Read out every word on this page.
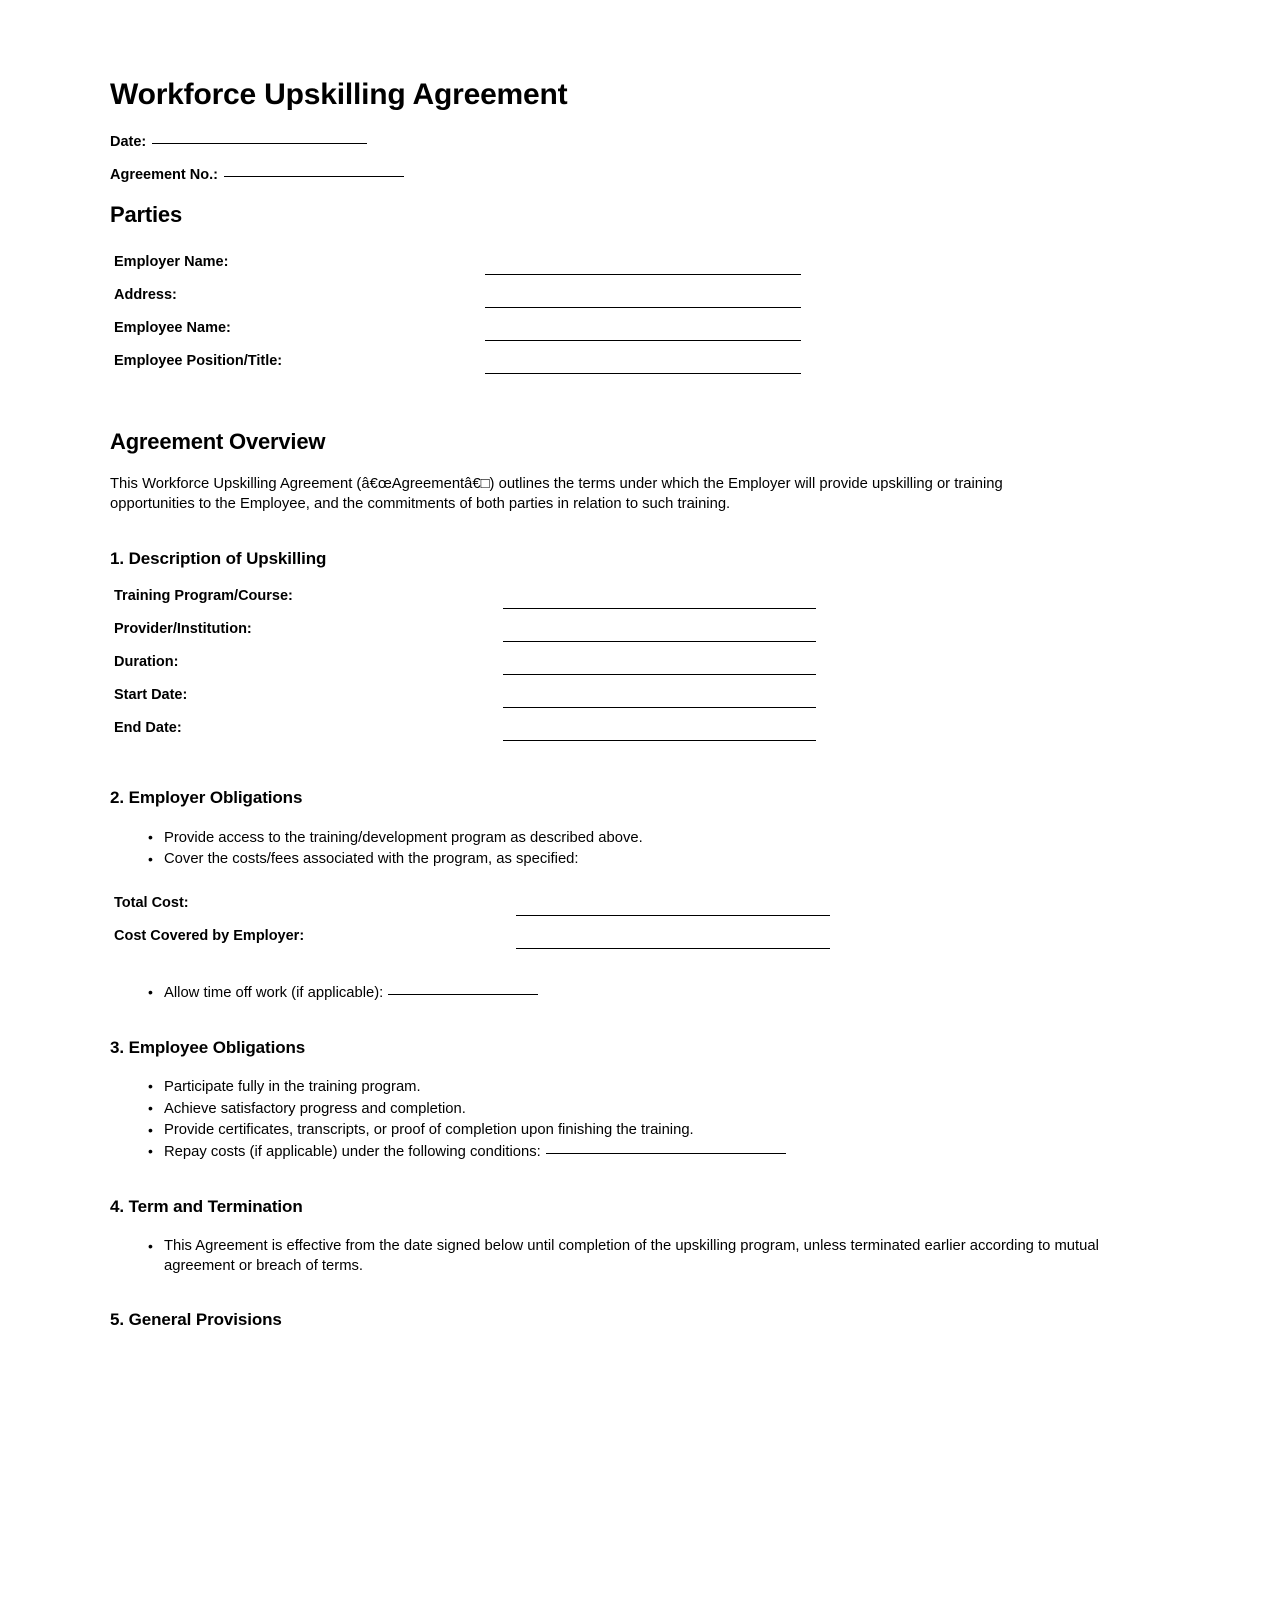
Workforce Upskilling Agreement
Date:
Agreement No.:
Parties
Employer Name:
Address:
Employee Name:
Employee Position/Title:
Agreement Overview

This Workforce Upskilling Agreement (â€œAgreementâ€□) outlines the terms under which the Employer will provide upskilling or training opportunities to the Employee, and the commitments of both parties in relation to such training.

1. Description of Upskilling
Training Program/Course:
Provider/Institution:
Duration:
Start Date:
End Date:
2. Employer Obligations
• Provide access to the training/development program as described above.
• Cover the costs/fees associated with the program, as specified:
Total Cost:
Cost Covered by Employer:
• Allow time off work (if applicable):
3. Employee Obligations
• Participate fully in the training program.
• Achieve satisfactory progress and completion.
• Provide certificates, transcripts, or proof of completion upon finishing the training.
• Repay costs (if applicable) under the following conditions:
4. Term and Termination
• This Agreement is effective from the date signed below until completion of the upskilling program, unless terminated earlier according to mutual agreement or breach of terms.
5. General Provisions
